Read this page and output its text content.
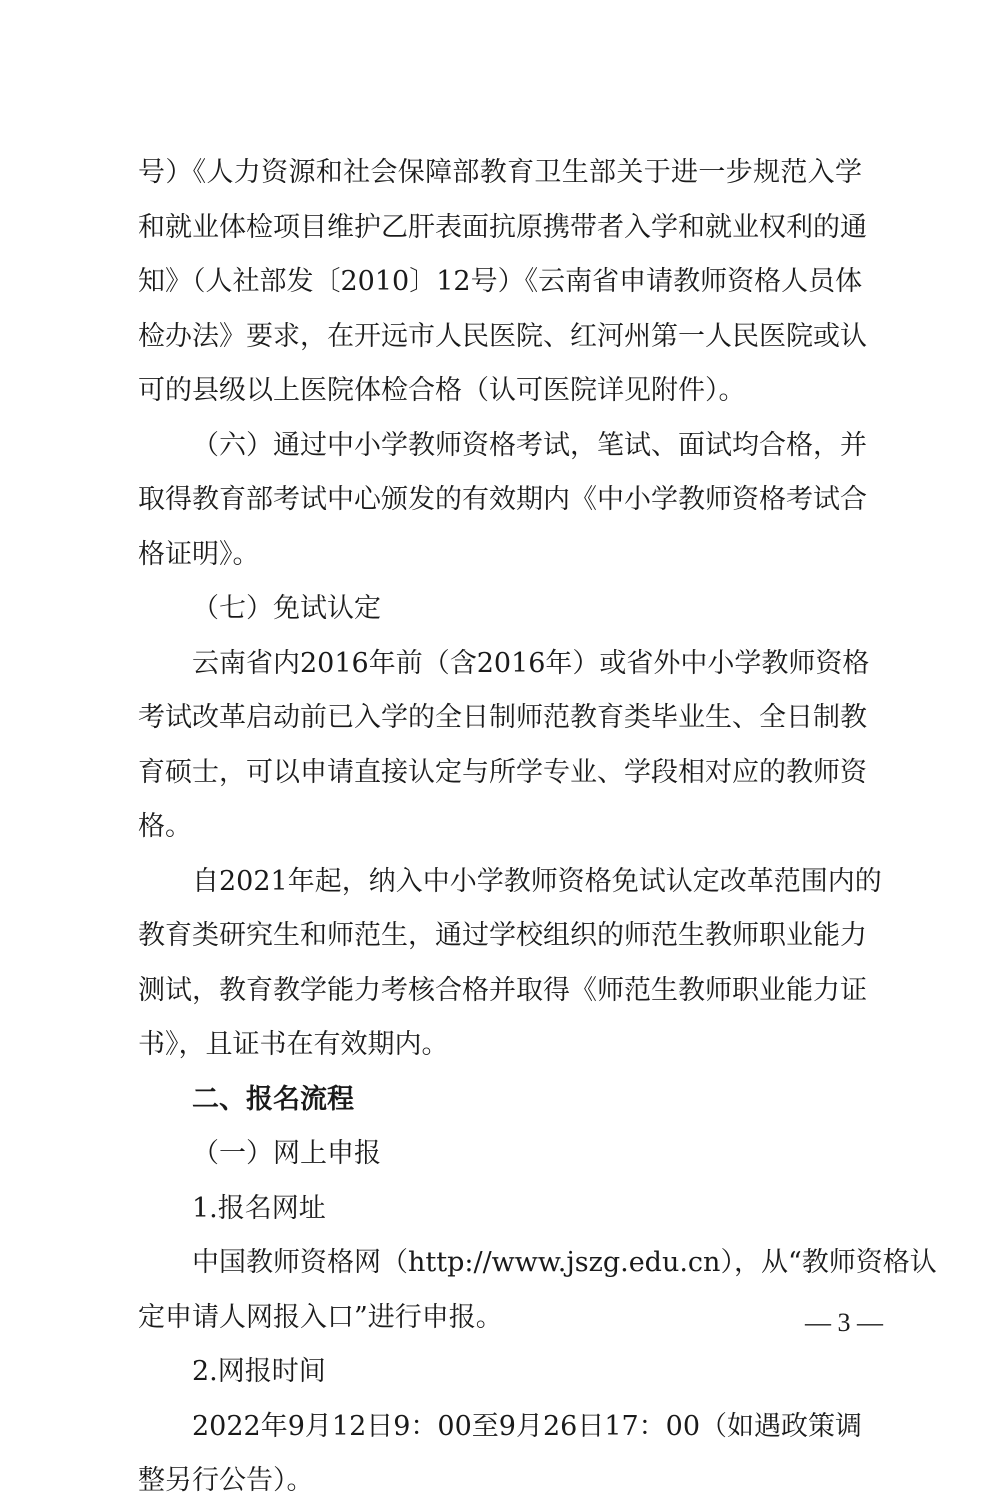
号）《人力资源和社会保障部教育卫生部关于进一步规范入学
和就业体检项目维护乙肝表面抗原携带者入学和就业权利的通
知》（人社部发〔2010〕12号）《云南省申请教师资格人员体
检办法》要求，在开远市人民医院、红河州第一人民医院或认
可的县级以上医院体检合格（认可医院详见附件）。
（六）通过中小学教师资格考试，笔试、面试均合格，并
取得教育部考试中心颁发的有效期内《中小学教师资格考试合
格证明》。
（七）免试认定
云南省内2016年前（含2016年）或省外中小学教师资格
考试改革启动前已入学的全日制师范教育类毕业生、全日制教
育硕士，可以申请直接认定与所学专业、学段相对应的教师资
格。
自2021年起，纳入中小学教师资格免试认定改革范围内的
教育类研究生和师范生，通过学校组织的师范生教师职业能力
测试，教育教学能力考核合格并取得《师范生教师职业能力证
书》，且证书在有效期内。
二、报名流程
（一）网上申报
1.报名网址
中国教师资格网（http://www.jszg.edu.cn），从“教师资格认
定申请人网报入口”进行申报。
2.网报时间
2022年9月12日9：00至9月26日17：00（如遇政策调
整另行公告）。
— 3 —
